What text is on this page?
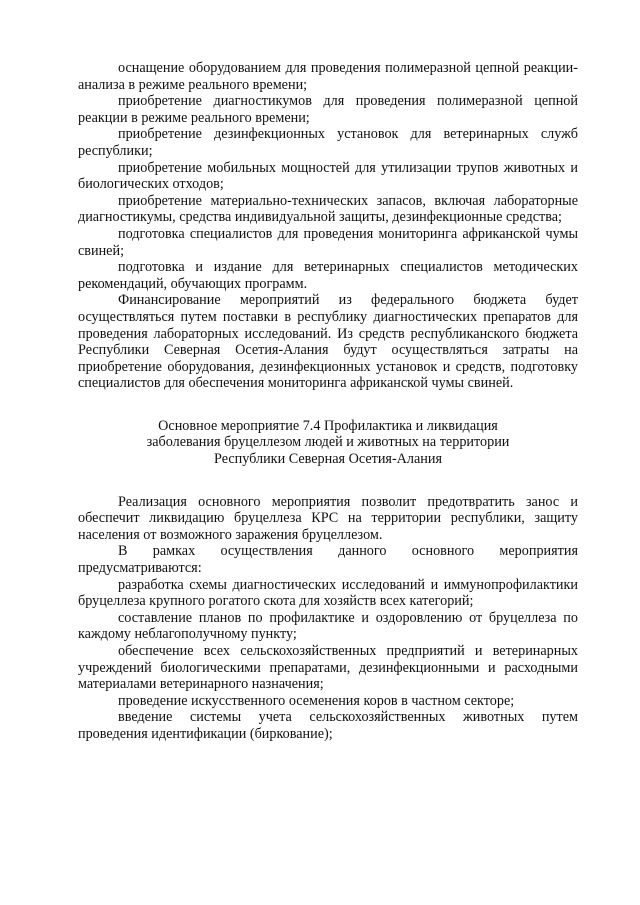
оснащение оборудованием для проведения полимеразной цепной реакции-анализа в режиме реального времени;

приобретение диагностикумов для проведения полимеразной цепной реакции в режиме реального времени;

приобретение дезинфекционных установок для ветеринарных служб республики;

приобретение мобильных мощностей для утилизации трупов животных и биологических отходов;

приобретение материально-технических запасов, включая лабораторные диагностикумы, средства индивидуальной защиты, дезинфекционные средства;

подготовка специалистов для проведения мониторинга африканской чумы свиней;

подготовка и издание для ветеринарных специалистов методических рекомендаций, обучающих программ.

Финансирование мероприятий из федерального бюджета будет осуществляться путем поставки в республику диагностических препаратов для проведения лабораторных исследований. Из средств республиканского бюджета Республики Северная Осетия-Алания будут осуществляться затраты на приобретение оборудования, дезинфекционных установок и средств, подготовку специалистов для обеспечения мониторинга африканской чумы свиней.

Основное мероприятие 7.4 Профилактика и ликвидация

заболевания бруцеллезом людей и животных на территории

Республики Северная Осетия-Алания

Реализация основного мероприятия позволит предотвратить занос и обеспечит ликвидацию бруцеллеза КРС на территории республики, защиту населения от возможного заражения бруцеллезом.

В рамках осуществления данного основного мероприятия предусматриваются:

разработка схемы диагностических исследований и иммунопрофилактики бруцеллеза крупного рогатого скота для хозяйств всех категорий;

составление планов по профилактике и оздоровлению от бруцеллеза по каждому неблагополучному пункту;

обеспечение всех сельскохозяйственных предприятий и ветеринарных учреждений биологическими препаратами, дезинфекционными и расходными материалами ветеринарного назначения;

проведение искусственного осеменения коров в частном секторе;

введение системы учета сельскохозяйственных животных путем проведения идентификации (биркование);
